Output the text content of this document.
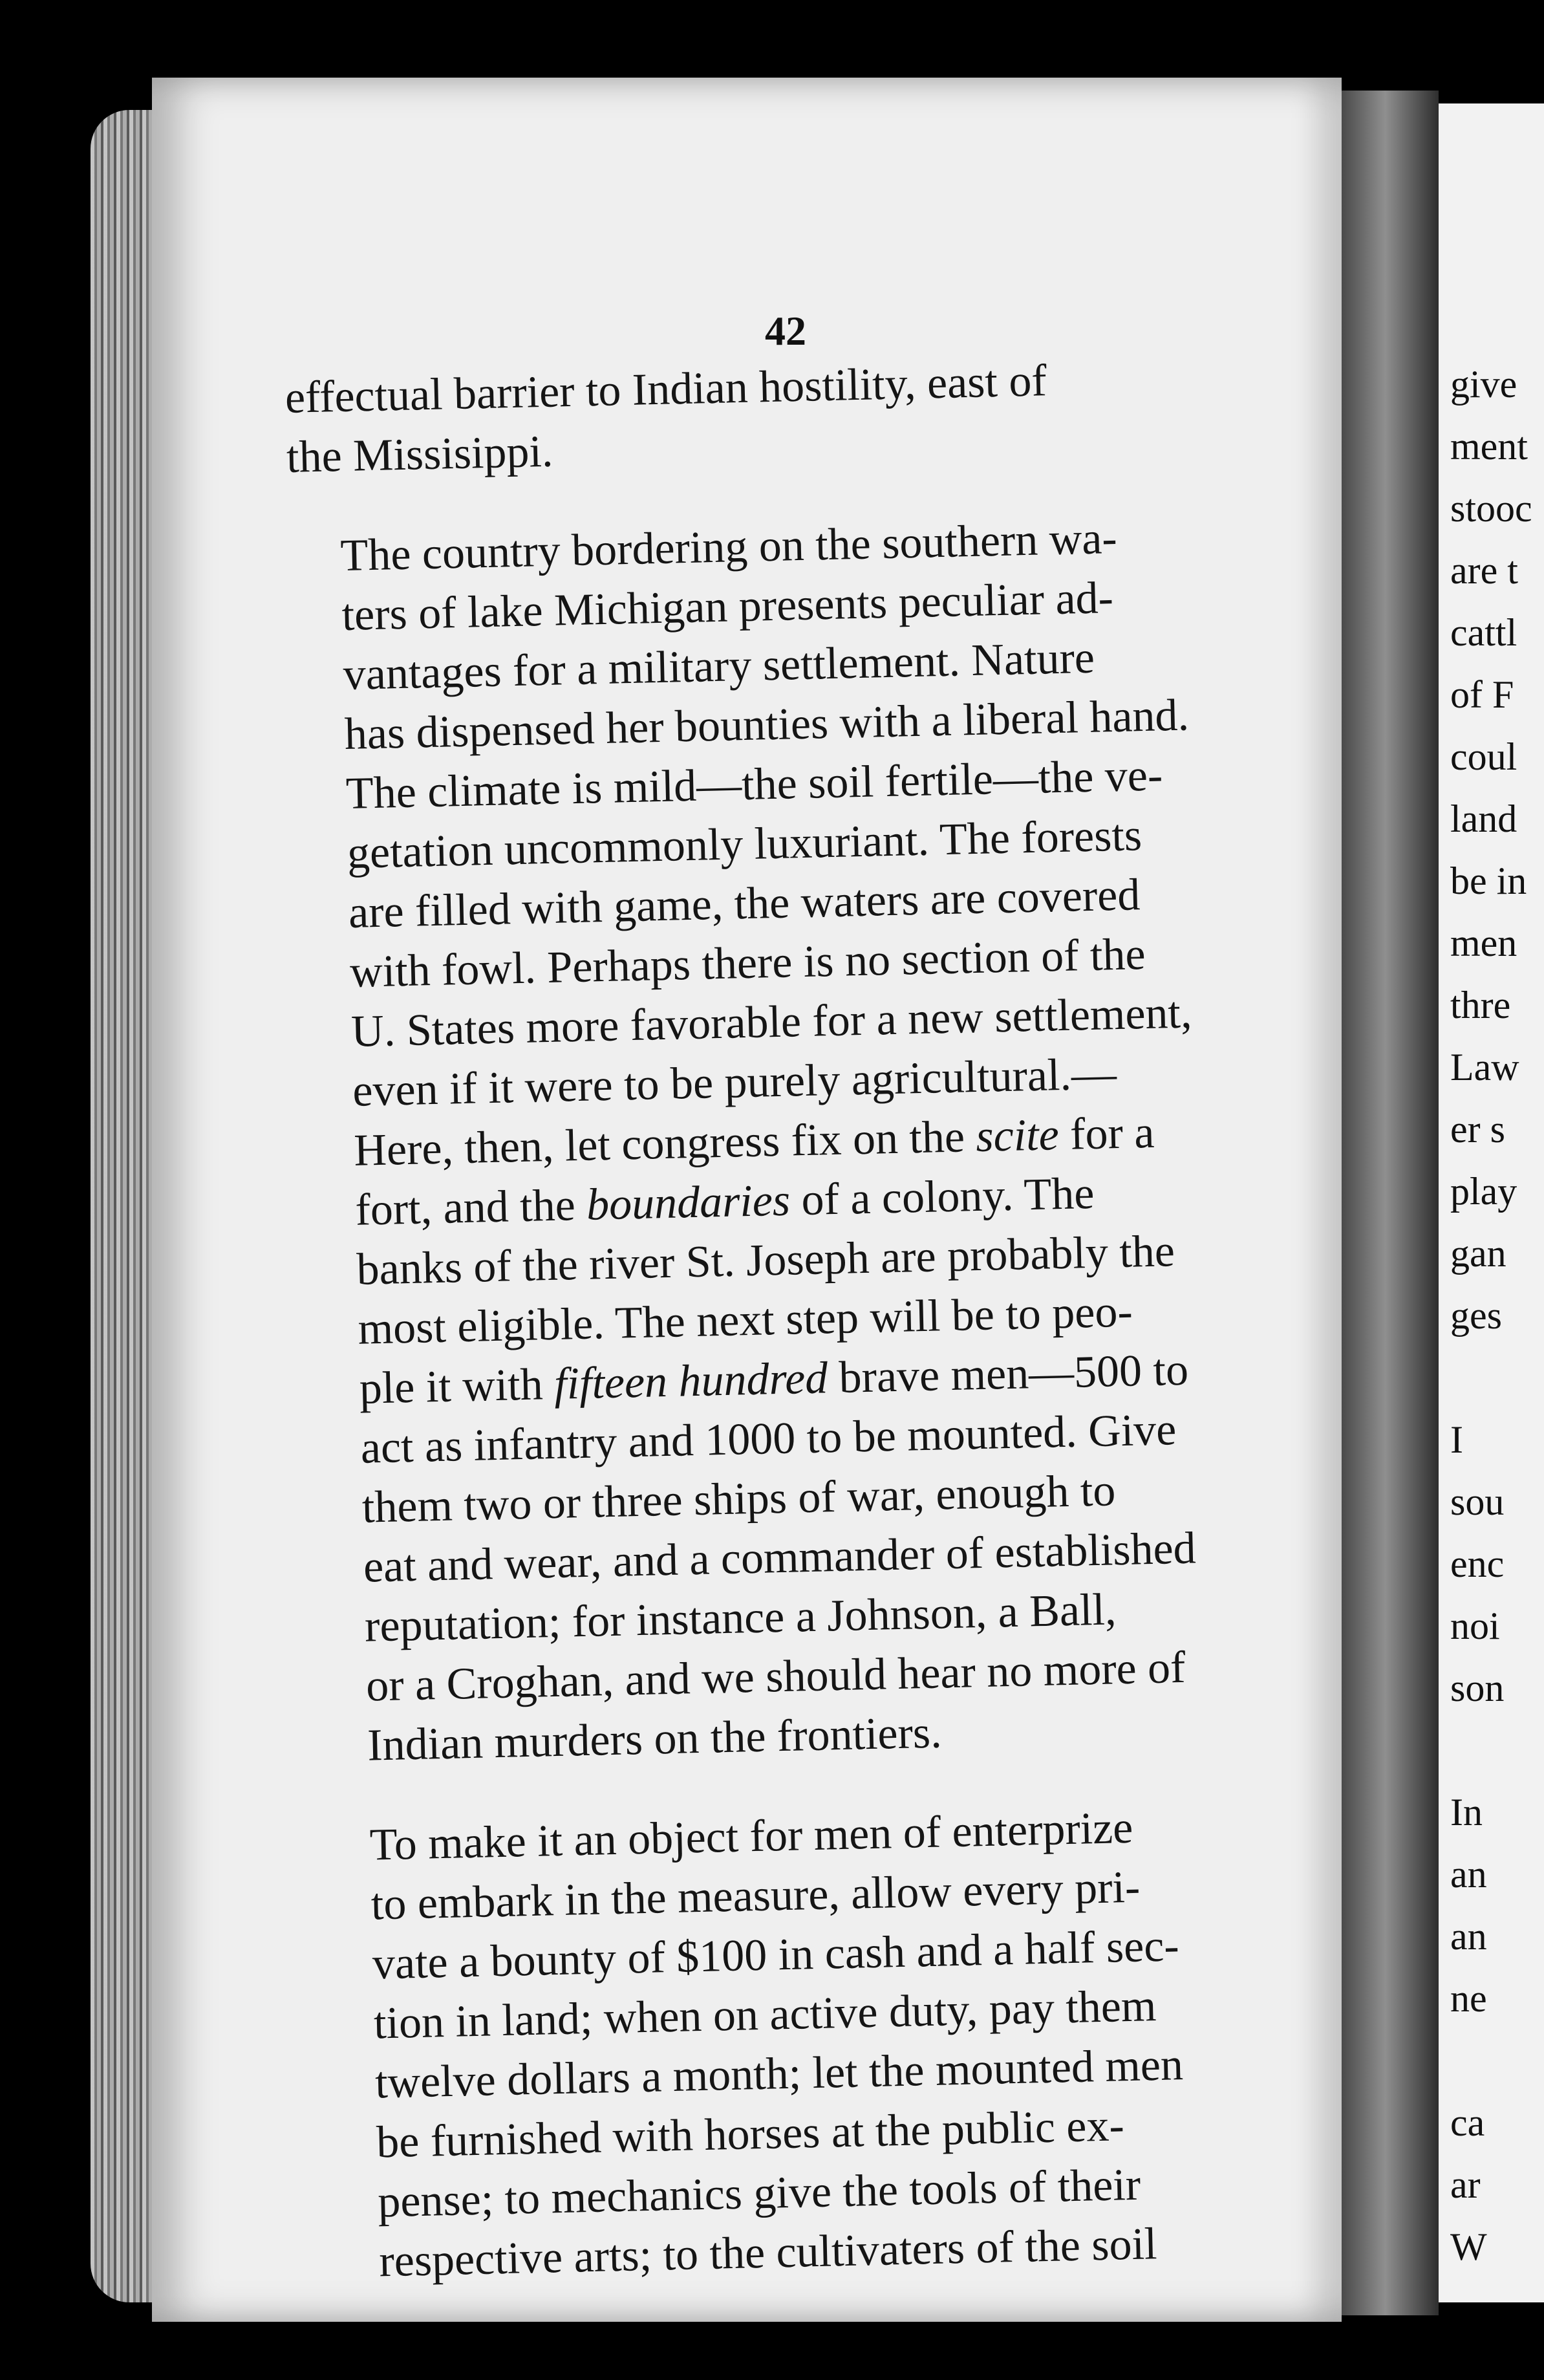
42

effectual barrier to Indian hostility, east of
the Missisippi.

The country bordering on the southern wa-
ters of lake Michigan presents peculiar ad-
vantages for a military settlement. Nature
has dispensed her bounties with a liberal hand.
The climate is mild—the soil fertile—the ve-
getation uncommonly luxuriant. The forests
are filled with game, the waters are covered
with fowl. Perhaps there is no section of the
U. States more favorable for a new settlement,
even if it were to be purely agricultural.—
Here, then, let congress fix on the scite for a
fort, and the boundaries of a colony. The
banks of the river St. Joseph are probably the
most eligible. The next step will be to peo-
ple it with fifteen hundred brave men—500 to
act as infantry and 1000 to be mounted. Give
them two or three ships of war, enough to
eat and wear, and a commander of established
reputation; for instance a Johnson, a Ball,
or a Croghan, and we should hear no more of
Indian murders on the frontiers.

To make it an object for men of enterprize
to embark in the measure, allow every pri-
vate a bounty of $100 in cash and a half sec-
tion in land; when on active duty, pay them
twelve dollars a month; let the mounted men
be furnished with horses at the public ex-
pense; to mechanics give the tools of their
respective arts; to the cultivaters of the soil

give
ment
stooc
are t
cattl
of F
coul
land
be in
men
thre
Law
er s
play
gan
ges
I
sou
enc
noi
son
In
an
an
ne
ca
ar
W
